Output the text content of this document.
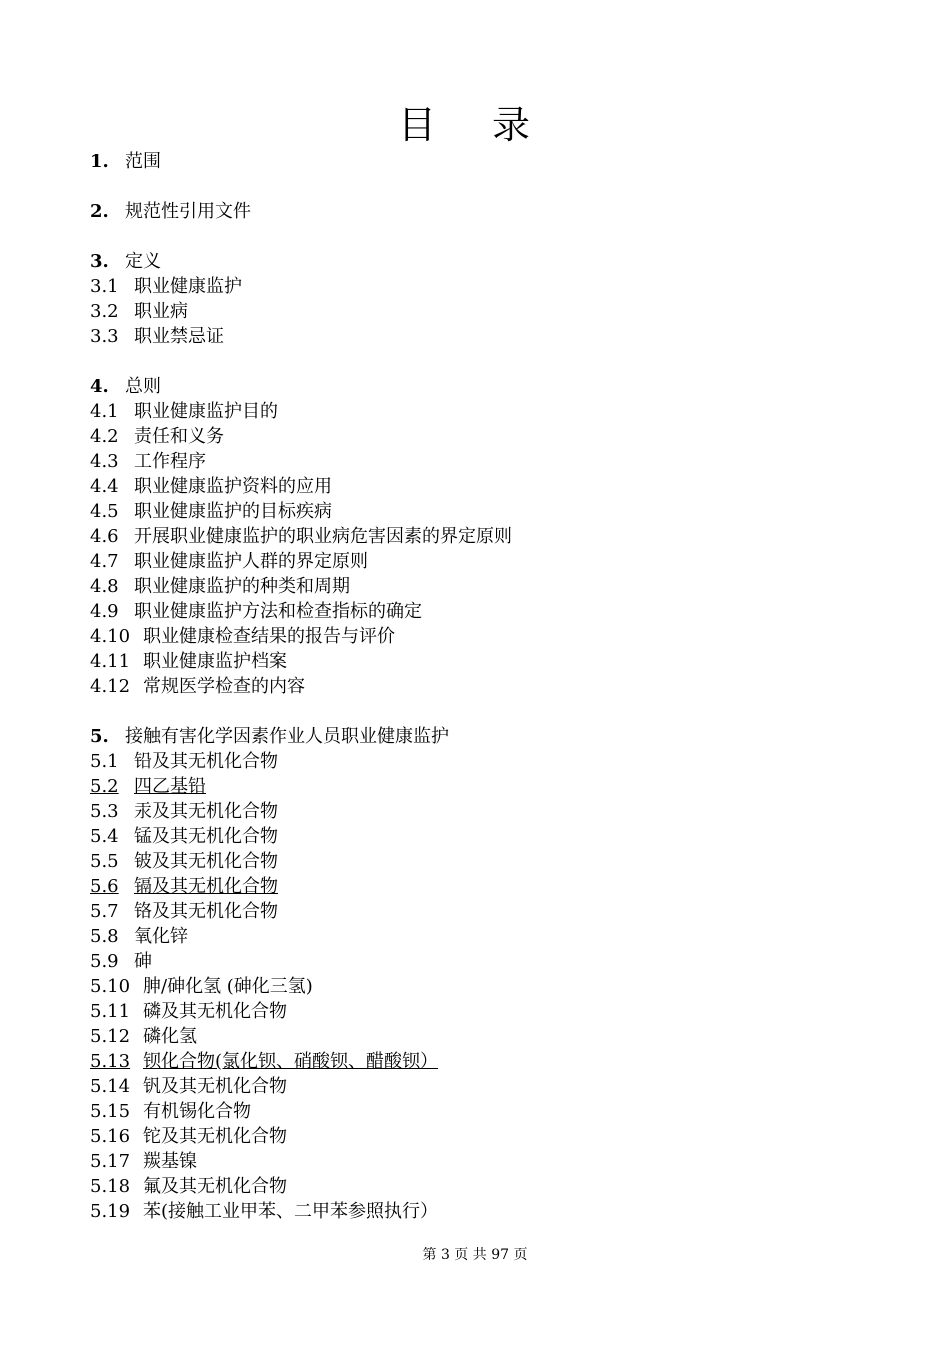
目 录
1. 范围
2. 规范性引用文件
3. 定义
3.1 职业健康监护
3.2 职业病
3.3 职业禁忌证
4. 总则
4.1 职业健康监护目的
4.2 责任和义务
4.3 工作程序
4.4 职业健康监护资料的应用
4.5 职业健康监护的目标疾病
4.6 开展职业健康监护的职业病危害因素的界定原则
4.7 职业健康监护人群的界定原则
4.8 职业健康监护的种类和周期
4.9 职业健康监护方法和检查指标的确定
4.10 职业健康检查结果的报告与评价
4.11 职业健康监护档案
4.12 常规医学检查的内容
5. 接触有害化学因素作业人员职业健康监护
5.1 铅及其无机化合物
5.2 四乙基铅
5.3 汞及其无机化合物
5.4 锰及其无机化合物
5.5 铍及其无机化合物
5.6 镉及其无机化合物
5.7 铬及其无机化合物
5.8 氧化锌
5.9 砷
5.10 胂/砷化氢 (砷化三氢)
5.11 磷及其无机化合物
5.12 磷化氢
5.13 钡化合物(氯化钡、硝酸钡、醋酸钡）
5.14 钒及其无机化合物
5.15 有机锡化合物
5.16 铊及其无机化合物
5.17 羰基镍
5.18 氟及其无机化合物
5.19 苯(接触工业甲苯、二甲苯参照执行）
第 3 页 共 97 页
